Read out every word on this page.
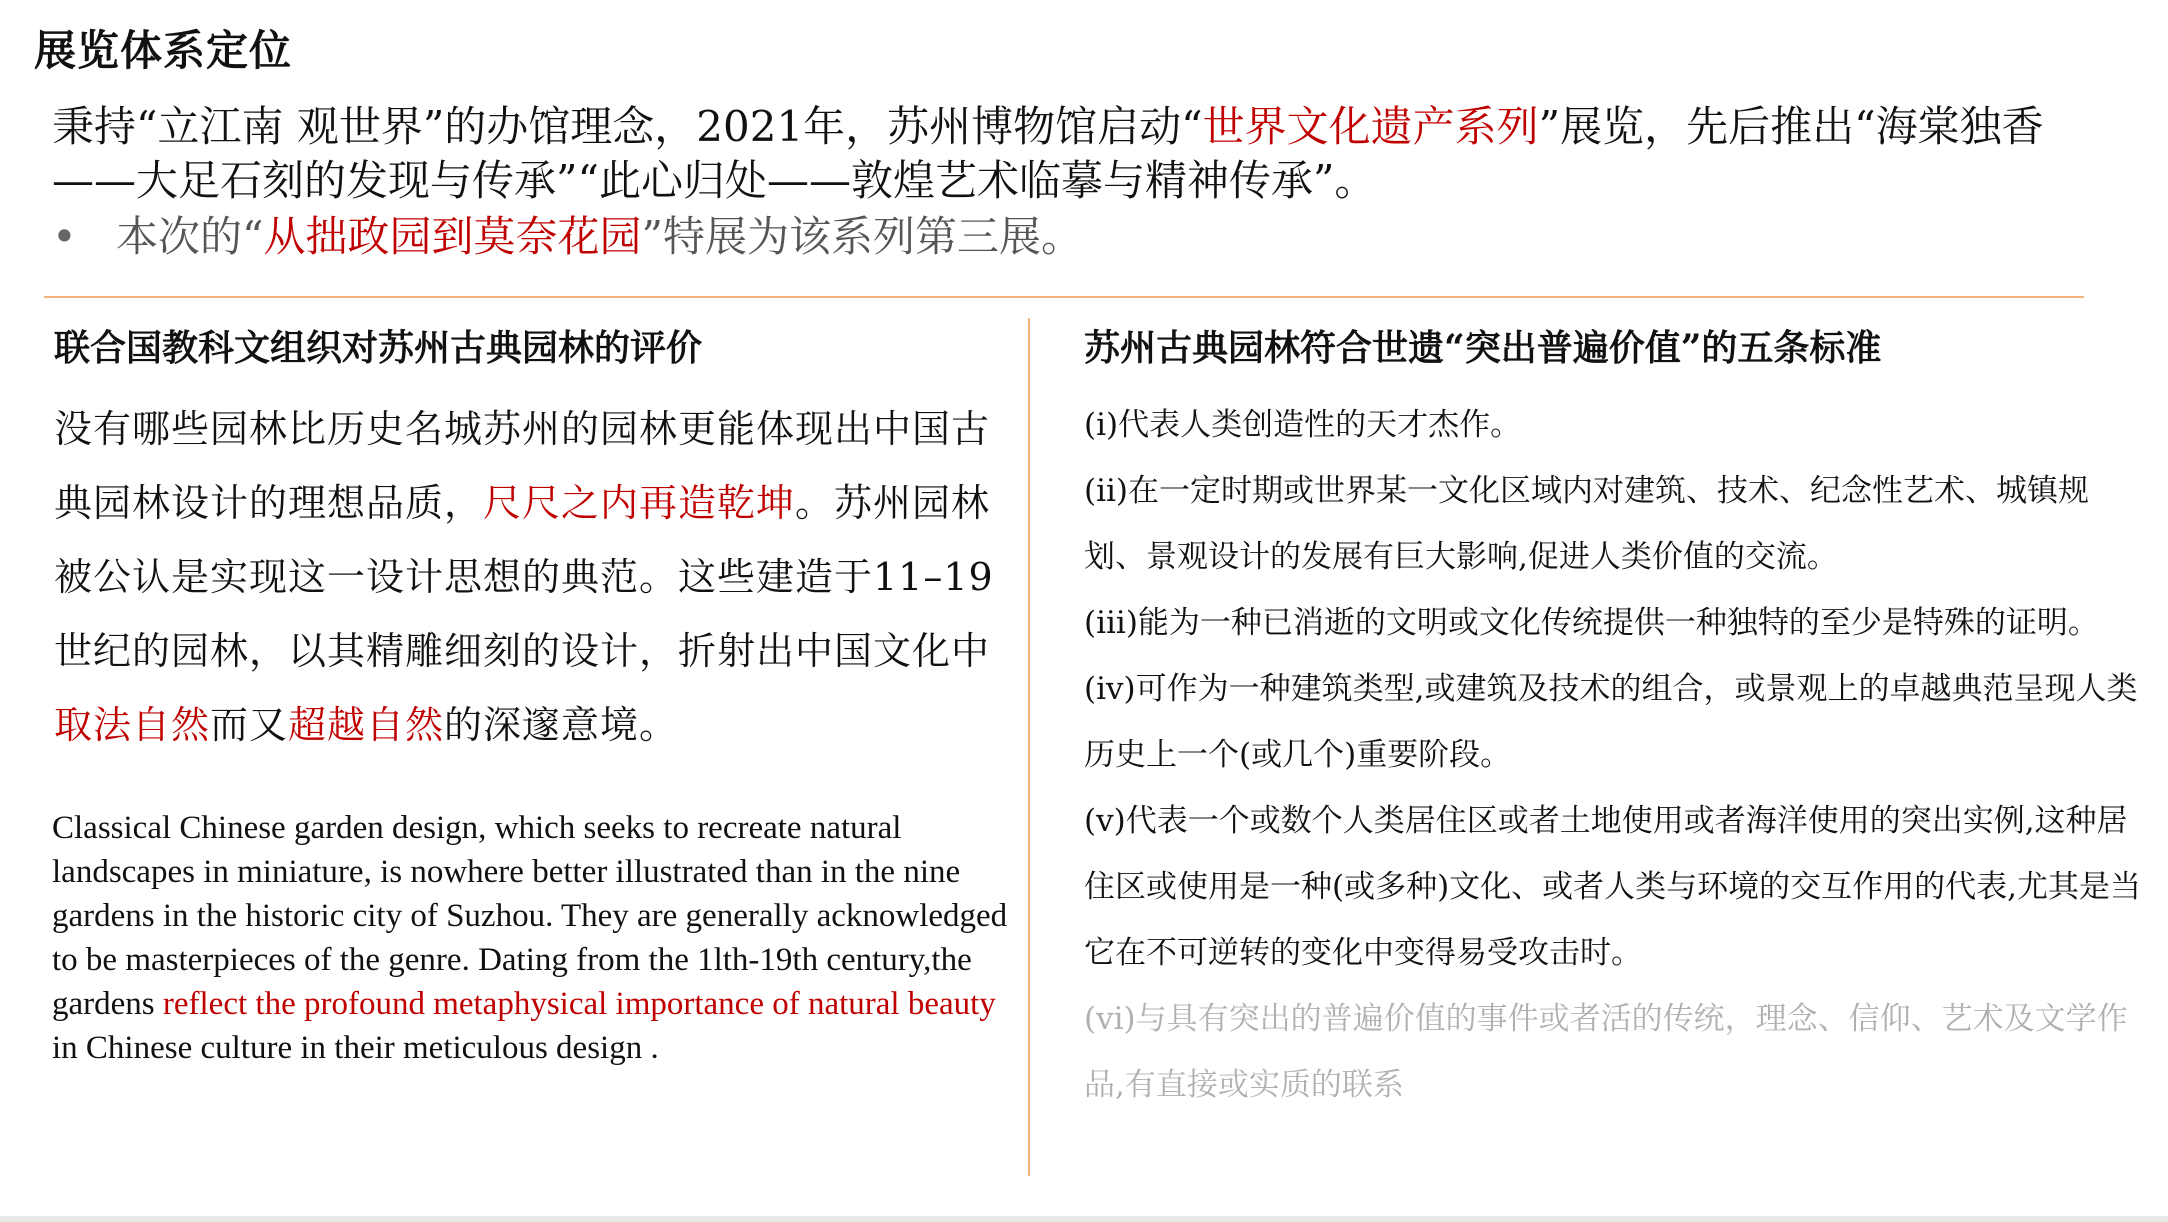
展览体系定位
秉持“立江南 观世界”的办馆理念，2021年，苏州博物馆启动“世界文化遗产系列”展览，先后推出“海棠独香——大足石刻的发现与传承”“此心归处——敦煌艺术临摹与精神传承”。
• 本次的“从拙政园到莫奈花园”特展为该系列第三展。
联合国教科文组织对苏州古典园林的评价
没有哪些园林比历史名城苏州的园林更能体现出中国古典园林设计的理想品质，尺尺之内再造乾坤。苏州园林被公认是实现这一设计思想的典范。这些建造于11–19世纪的园林，以其精雕细刻的设计，折射出中国文化中取法自然而又超越自然的深邃意境。
Classical Chinese garden design, which seeks to recreate natural landscapes in miniature, is nowhere better illustrated than in the nine gardens in the historic city of Suzhou. They are generally acknowledged to be masterpieces of the genre. Dating from the 1lth-19th century,the gardens reflect the profound metaphysical importance of natural beauty in Chinese culture in their meticulous design .
苏州古典园林符合世遗“突出普遍价值”的五条标准

(i)代表人类创造性的天才杰作。

(ii)在一定时期或世界某一文化区域内对建筑、技术、纪念性艺术、城镇规划、景观设计的发展有巨大影响,促进人类价值的交流。

(iii)能为一种已消逝的文明或文化传统提供一种独特的至少是特殊的证明。

(iv)可作为一种建筑类型,或建筑及技术的组合，或景观上的卓越典范呈现人类历史上一个(或几个)重要阶段。

(v)代表一个或数个人类居住区或者土地使用或者海洋使用的突出实例,这种居住区或使用是一种(或多种)文化、或者人类与环境的交互作用的代表,尤其是当它在不可逆转的变化中变得易受攻击时。

(vi)与具有突出的普遍价值的事件或者活的传统，理念、信仰、艺术及文学作品,有直接或实质的联系
